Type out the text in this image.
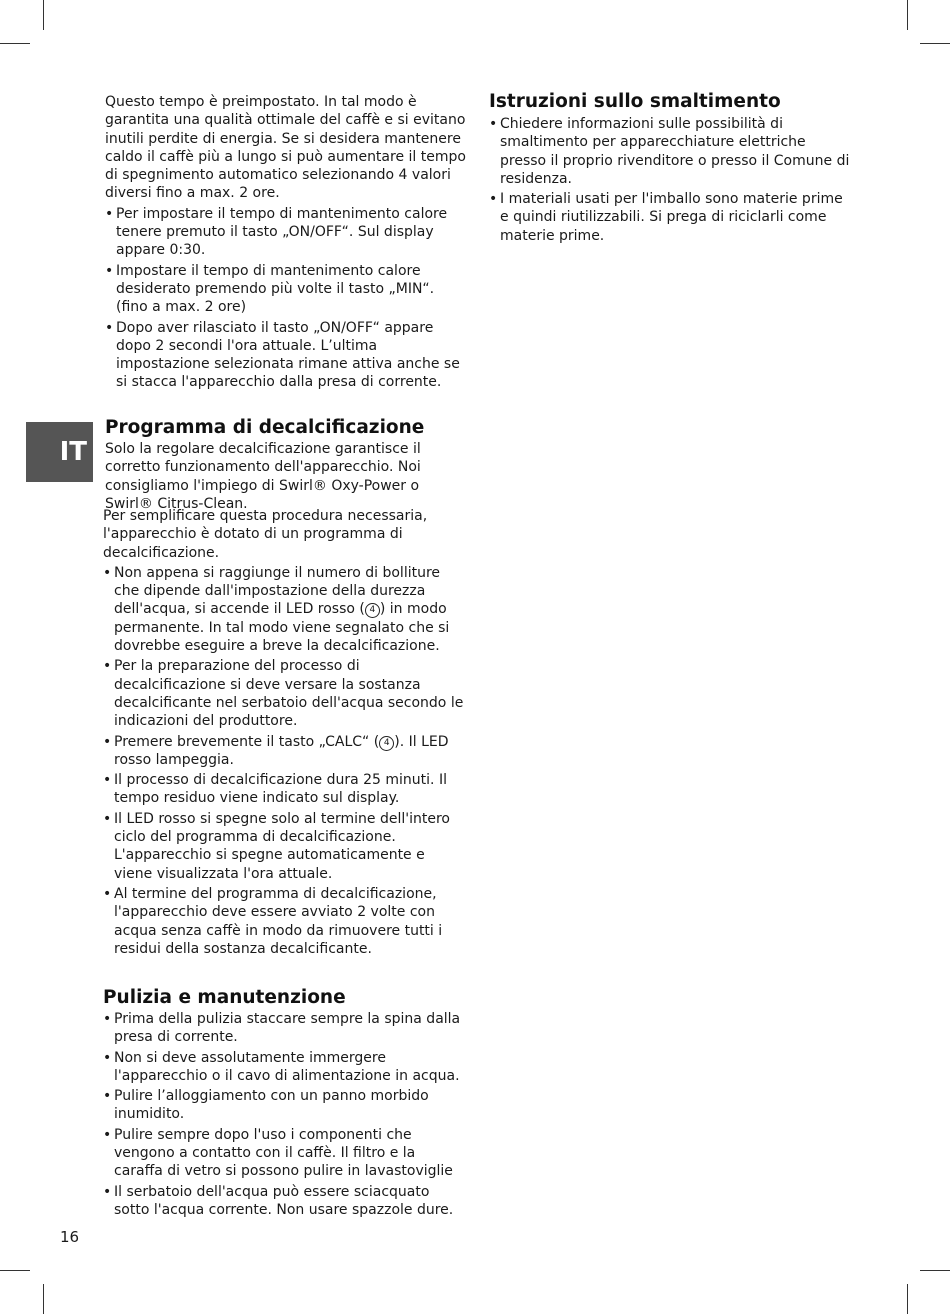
IT

Questo tempo è preimpostato. In tal modo è garantita una qualità ottimale del caffè e si evitano inutili perdite di energia. Se si desidera mantenere caldo il caffè più a lungo si può aumentare il tempo di spegnimento automatico selezionando 4 valori diversi fino a max. 2 ore.

• Per impostare il tempo di mantenimento calore tenere premuto il tasto „ON/OFF“. Sul display appare 0:30.
• Impostare il tempo di mantenimento calore desiderato premendo più volte il tasto „MIN“. (fino a max. 2 ore)
• Dopo aver rilasciato il tasto „ON/OFF“ appare dopo 2 secondi l'ora attuale. L’ultima impostazione selezionata rimane attiva anche se si stacca l'apparecchio dalla presa di corrente.
Programma di decalcificazione

Solo la regolare decalcificazione garantisce il corretto funzionamento dell'apparecchio. Noi consigliamo l'impiego di Swirl® Oxy-Power o Swirl® Citrus-Clean.

Per semplificare questa procedura necessaria, l'apparecchio è dotato di un programma di decalcificazione.

• Non appena si raggiunge il numero di bolliture che dipende dall'impostazione della durezza dell'acqua, si accende il LED rosso ( 4 ) in modo permanente. In tal modo viene segnalato che si dovrebbe eseguire a breve la decalcificazione.
• Per la preparazione del processo di decalcificazione si deve versare la sostanza decalcificante nel serbatoio dell'acqua secondo le indicazioni del produttore.
• Premere brevemente il tasto „CALC“ ( 4 ). Il LED rosso lampeggia.
• Il processo di decalcificazione dura 25 minuti. Il tempo residuo viene indicato sul display.
• Il LED rosso si spegne solo al termine dell'intero ciclo del programma di decalcificazione. L'apparecchio si spegne automaticamente e viene visualizzata l'ora attuale.
• Al termine del programma di decalcificazione, l'apparecchio deve essere avviato 2 volte con acqua senza caffè in modo da rimuovere tutti i residui della sostanza decalcificante.
Pulizia e manutenzione
• Prima della pulizia staccare sempre la spina dalla presa di corrente.
• Non si deve assolutamente immergere l'apparecchio o il cavo di alimentazione in acqua.
• Pulire l’alloggiamento con un panno morbido inumidito.
• Pulire sempre dopo l'uso i componenti che vengono a contatto con il caffè. Il filtro e la caraffa di vetro si possono pulire in lavastoviglie
• Il serbatoio dell'acqua può essere sciacquato sotto l'acqua corrente. Non usare spazzole dure.
Istruzioni sullo smaltimento
• Chiedere informazioni sulle possibilità di smaltimento per apparecchiature elettriche presso il proprio rivenditore o presso il Comune di residenza.
• I materiali usati per l'imballo sono materie prime e quindi riutilizzabili. Si prega di riciclarli come materie prime.
16
